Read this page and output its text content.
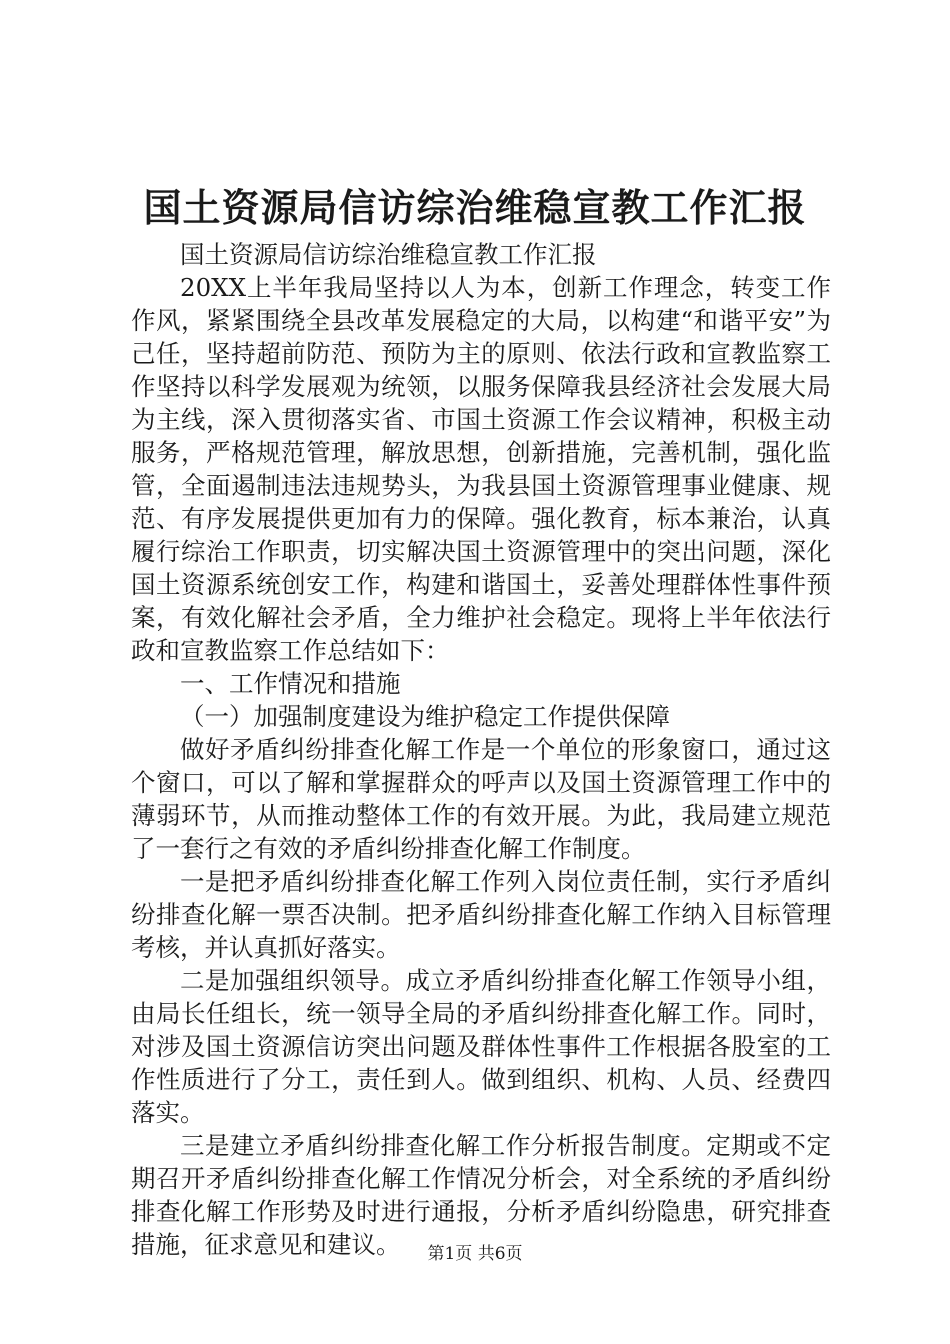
国土资源局信访综治维稳宣教工作汇报

国土资源局信访综治维稳宣教工作汇报

20XX上半年我局坚持以人为本，创新工作理念，转变工作作风，紧紧围绕全县改革发展稳定的大局，以构建“和谐平安”为己任，坚持超前防范、预防为主的原则、依法行政和宣教监察工作坚持以科学发展观为统领，以服务保障我县经济社会发展大局为主线，深入贯彻落实省、市国土资源工作会议精神，积极主动服务，严格规范管理，解放思想，创新措施，完善机制，强化监管，全面遏制违法违规势头，为我县国土资源管理事业健康、规范、有序发展提供更加有力的保障。强化教育，标本兼治，认真履行综治工作职责，切实解决国土资源管理中的突出问题，深化国土资源系统创安工作，构建和谐国土，妥善处理群体性事件预案，有效化解社会矛盾，全力维护社会稳定。现将上半年依法行政和宣教监察工作总结如下：

一、工作情况和措施

（一）加强制度建设为维护稳定工作提供保障

做好矛盾纠纷排查化解工作是一个单位的形象窗口，通过这个窗口，可以了解和掌握群众的呼声以及国土资源管理工作中的薄弱环节，从而推动整体工作的有效开展。为此，我局建立规范了一套行之有效的矛盾纠纷排查化解工作制度。

一是把矛盾纠纷排查化解工作列入岗位责任制，实行矛盾纠纷排查化解一票否决制。把矛盾纠纷排查化解工作纳入目标管理考核，并认真抓好落实。

二是加强组织领导。成立矛盾纠纷排查化解工作领导小组，由局长任组长，统一领导全局的矛盾纠纷排查化解工作。同时，对涉及国土资源信访突出问题及群体性事件工作根据各股室的工作性质进行了分工，责任到人。做到组织、机构、人员、经费四落实。

三是建立矛盾纠纷排查化解工作分析报告制度。定期或不定期召开矛盾纠纷排查化解工作情况分析会，对全系统的矛盾纠纷排查化解工作形势及时进行通报，分析矛盾纠纷隐患，研究排查措施，征求意见和建议。	第1页 共6页
